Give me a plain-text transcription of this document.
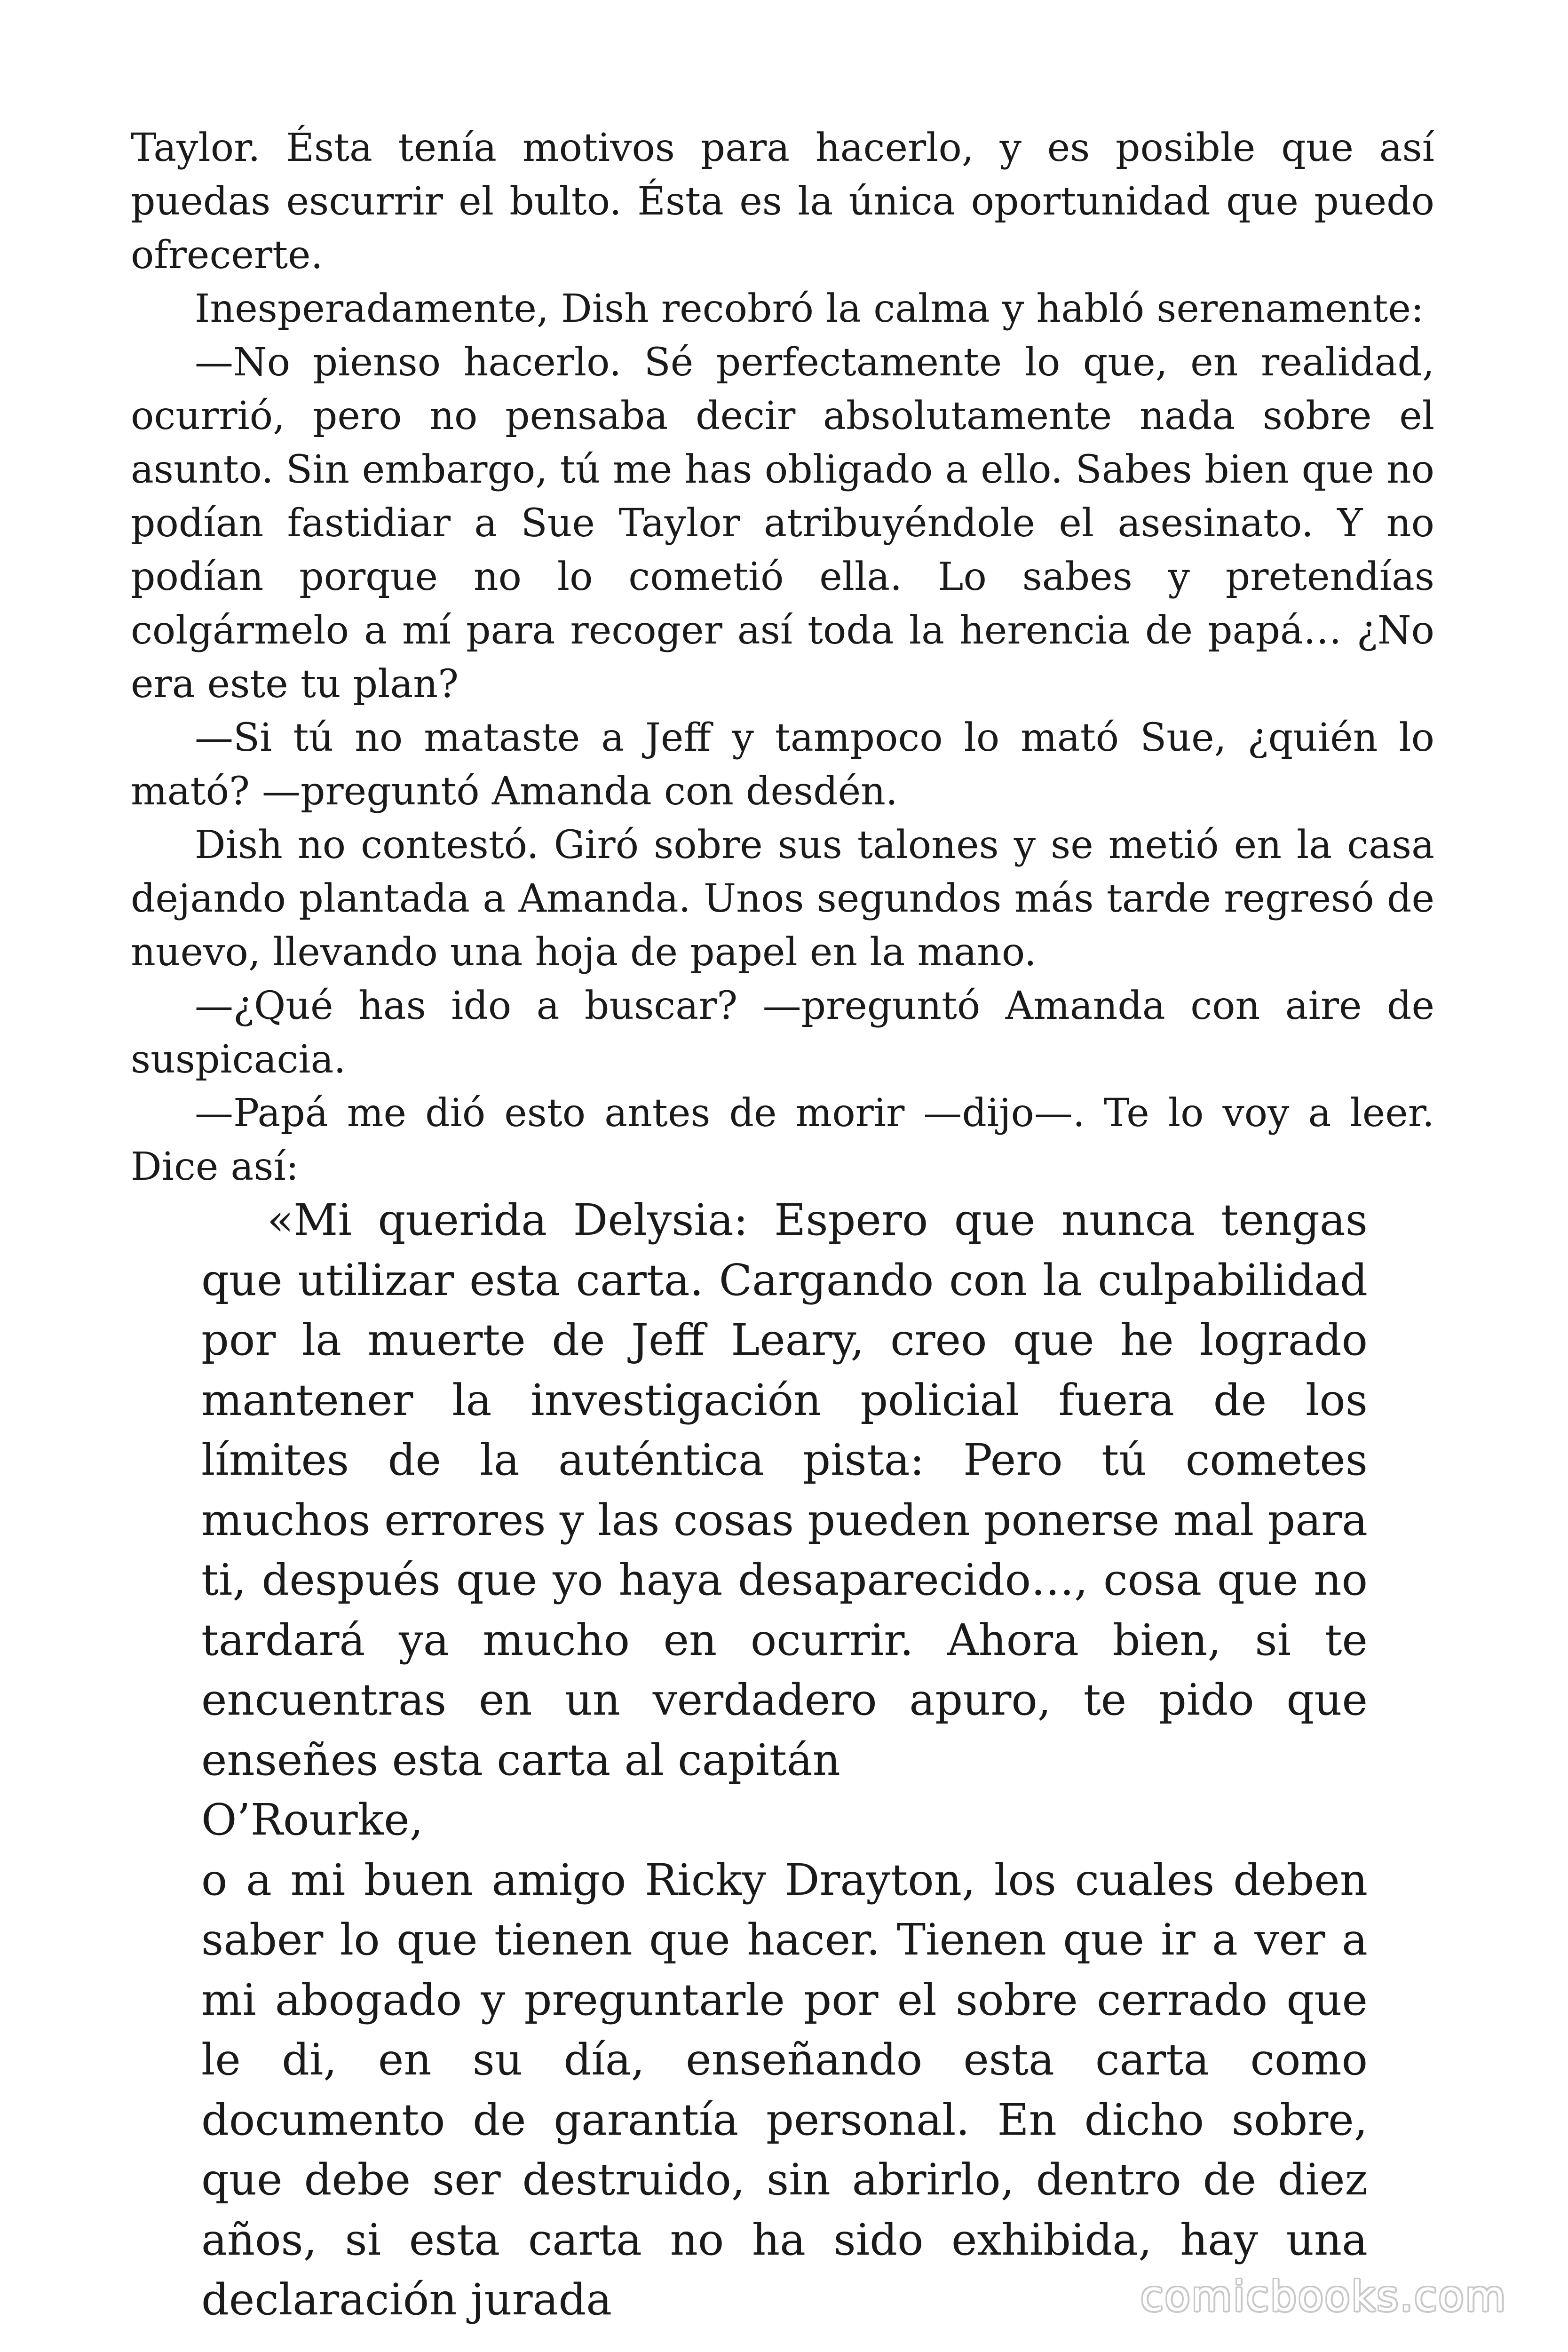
Taylor. Ésta tenía motivos para hacerlo, y es posible que así puedas escurrir el bulto. Ésta es la única oportunidad que puedo ofrecerte.

Inesperadamente, Dish recobró la calma y habló serenamente:

—No pienso hacerlo. Sé perfectamente lo que, en realidad, ocurrió, pero no pensaba decir absolutamente nada sobre el asunto. Sin embargo, tú me has obligado a ello. Sabes bien que no podían fastidiar a Sue Taylor atribuyéndole el asesinato. Y no podían porque no lo cometió ella. Lo sabes y pretendías colgármelo a mí para recoger así toda la herencia de papá… ¿No era este tu plan?

—Si tú no mataste a Jeff y tampoco lo mató Sue, ¿quién lo mató? —preguntó Amanda con desdén.

Dish no contestó. Giró sobre sus talones y se metió en la casa dejando plantada a Amanda. Unos segundos más tarde regresó de nuevo, llevando una hoja de papel en la mano.

—¿Qué has ido a buscar? —preguntó Amanda con aire de suspicacia.

—Papá me dió esto antes de morir —dijo—. Te lo voy a leer. Dice así:

«Mi querida Delysia: Espero que nunca tengas que utilizar esta carta. Cargando con la culpabilidad por la muerte de Jeff Leary, creo que he logrado mantener la investigación policial fuera de los límites de la auténtica pista: Pero tú cometes muchos errores y las cosas pueden ponerse mal para ti, después que yo haya desaparecido…, cosa que no tardará ya mucho en ocurrir. Ahora bien, si te encuentras en un verdadero apuro, te pido que enseñes esta carta al capitán

O’Rourke,

o a mi buen amigo Ricky Drayton, los cuales deben saber lo que tienen que hacer. Tienen que ir a ver a mi abogado y preguntarle por el sobre cerrado que le di, en su día, enseñando esta carta como documento de garantía personal. En dicho sobre, que debe ser destruido, sin abrirlo, dentro de diez años, si esta carta no ha sido exhibida, hay una declaración jurada	comicbooks.com
